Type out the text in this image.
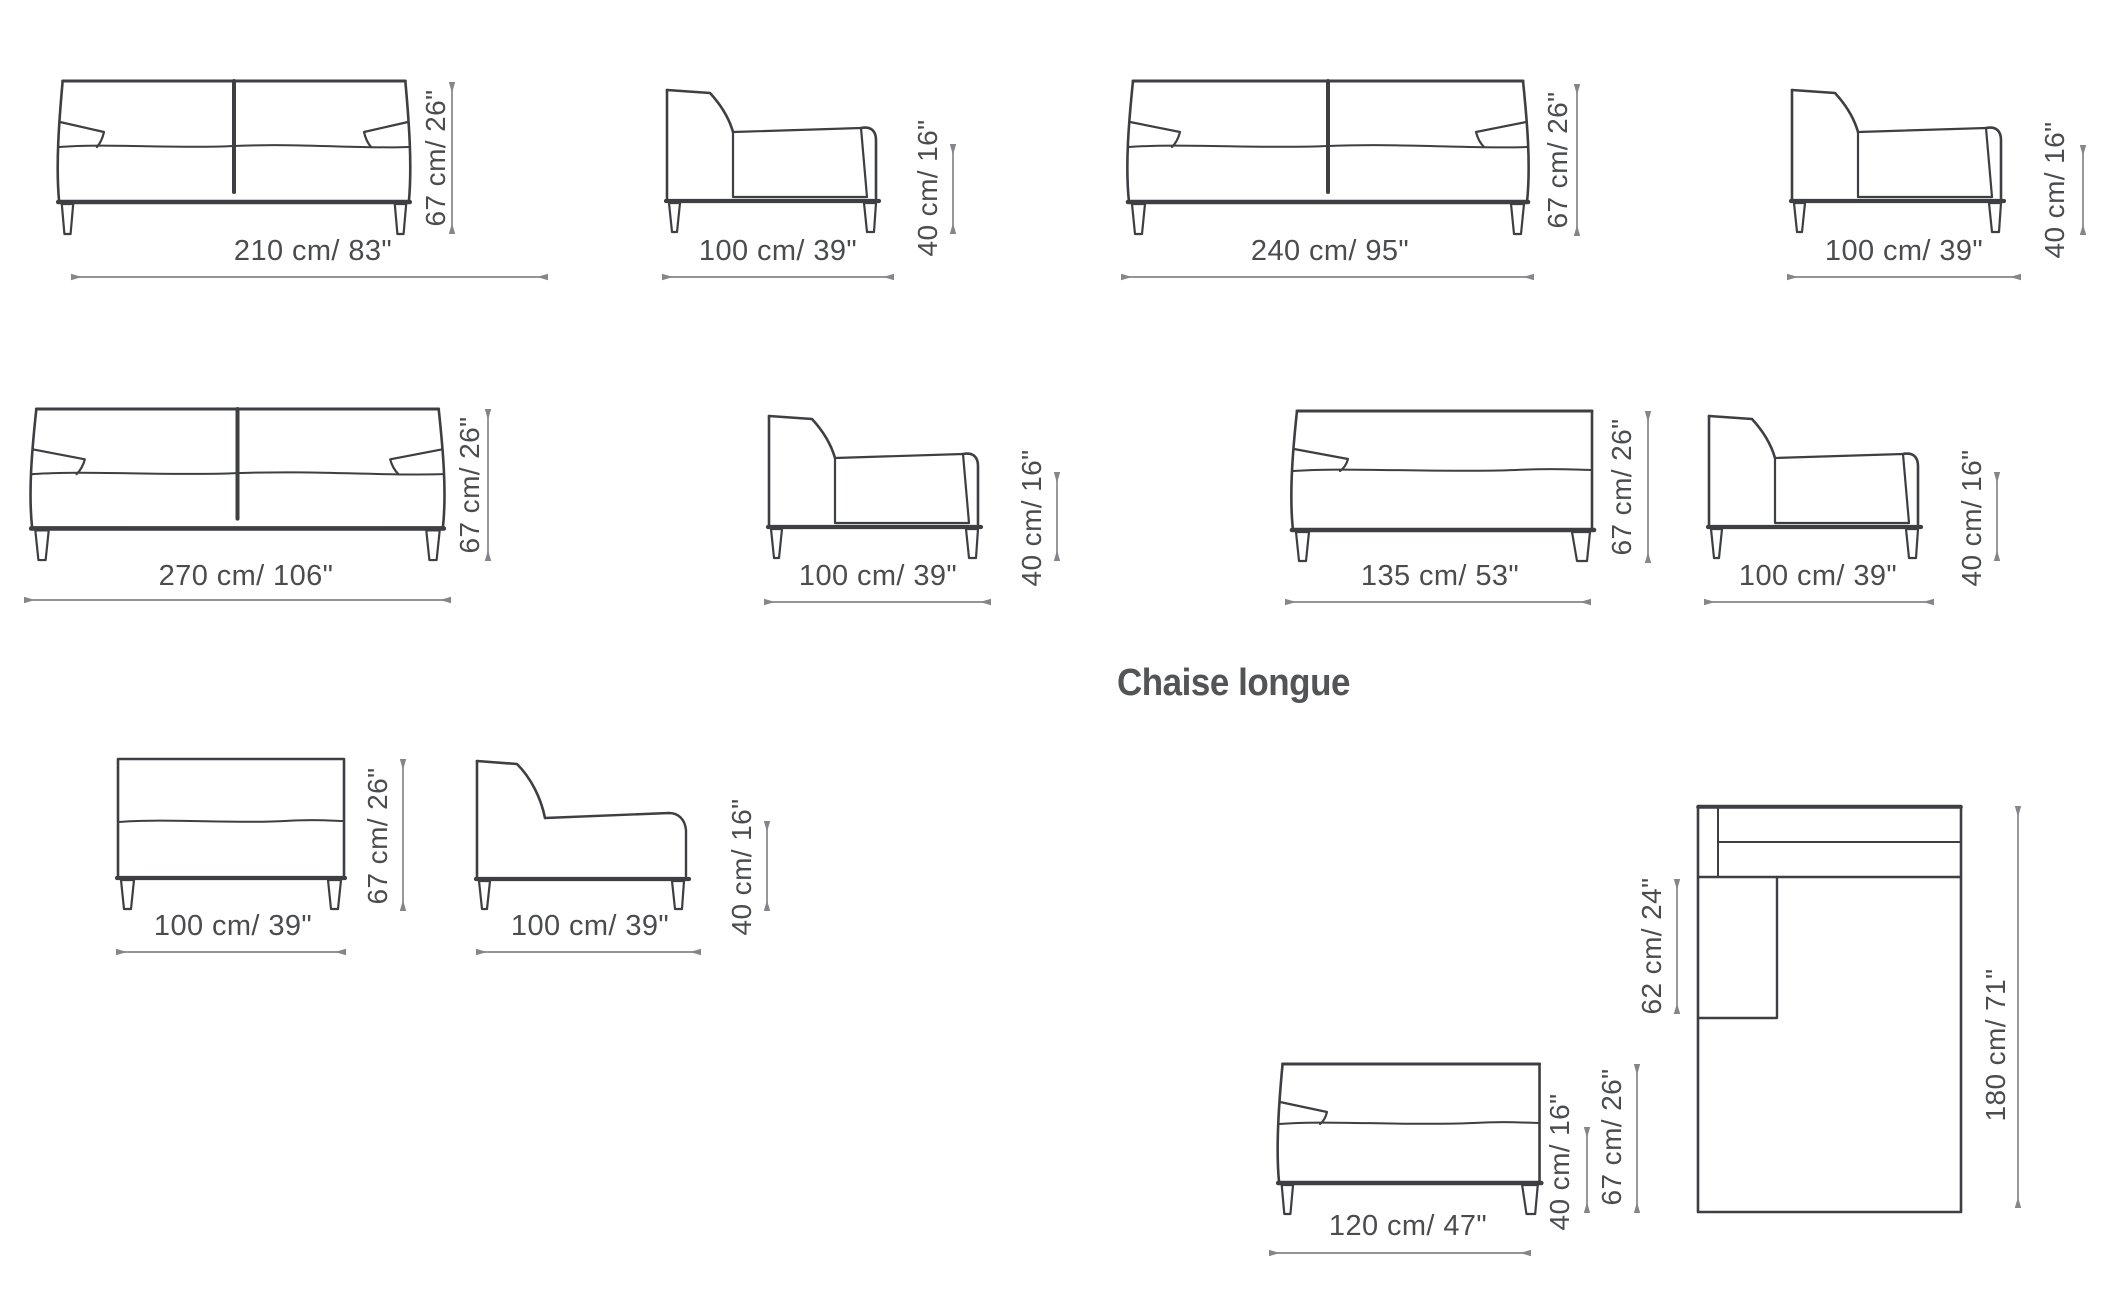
Chaise longue
210 cm/ 83"	100 cm/ 39"	240 cm/ 95"	100 cm/ 39"
270 cm/ 106"	100 cm/ 39"	135 cm/ 53"	100 cm/ 39"
100 cm/ 39"	100 cm/ 39"
120 cm/ 47"
67 cm/ 26"	40 cm/ 16"	67 cm/ 26"	40 cm/ 16"
67 cm/ 26"	40 cm/ 16"	67 cm/ 26"	40 cm/ 16"
67 cm/ 26"	40 cm/ 16"
40 cm/ 16" 67 cm/ 26"
62 cm/ 24"
180 cm/ 71"
